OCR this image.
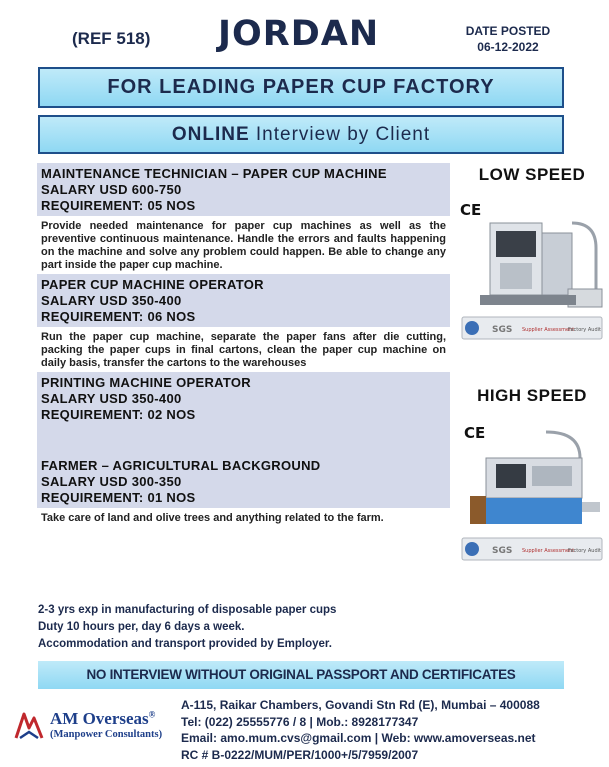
(REF 518) JORDAN	DATE POSTED
06-12-2022
FOR LEADING PAPER CUP FACTORY
ONLINE Interview by Client
MAINTENANCE TECHNICIAN – PAPER CUP MACHINE
SALARY USD 600-750
REQUIREMENT: 05 NOS
Provide needed maintenance for paper cup machines as well as the preventive continuous maintenance. Handle the errors and faults happening on the machine and solve any problem could happen. Be able to change any part inside the paper cup machine.
PAPER CUP MACHINE OPERATOR
SALARY USD 350-400
REQUIREMENT: 06 NOS
Run the paper cup machine, separate the paper fans after die cutting, packing the paper cups in final cartons, clean the paper cup machine on daily basis, transfer the cartons to the warehouses
PRINTING MACHINE OPERATOR
SALARY USD 350-400
REQUIREMENT: 02 NOS
FARMER – AGRICULTURAL BACKGROUND
SALARY USD 300-350
REQUIREMENT: 01 NOS
Take care of land and olive trees and anything related to the farm.
LOW SPEED
CE
SGS Supplier Assessment
Factory Audit
HIGH SPEED
CE
SGS Supplier Assessment
Factory Audit
2-3 yrs exp in manufacturing of disposable paper cups
Duty 10 hours per, day 6 days a week.
Accommodation and transport provided by Employer.
NO INTERVIEW WITHOUT ORIGINAL PASSPORT AND CERTIFICATES
AM Overseas®
(Manpower Consultants)
A-115, Raikar Chambers, Govandi Stn Rd (E), Mumbai – 400088
Tel: (022) 25555776 / 8 | Mob.: 8928177347
Email: amo.mum.cvs@gmail.com | Web: www.amoverseas.net
RC # B-0222/MUM/PER/1000+/5/7959/2007
